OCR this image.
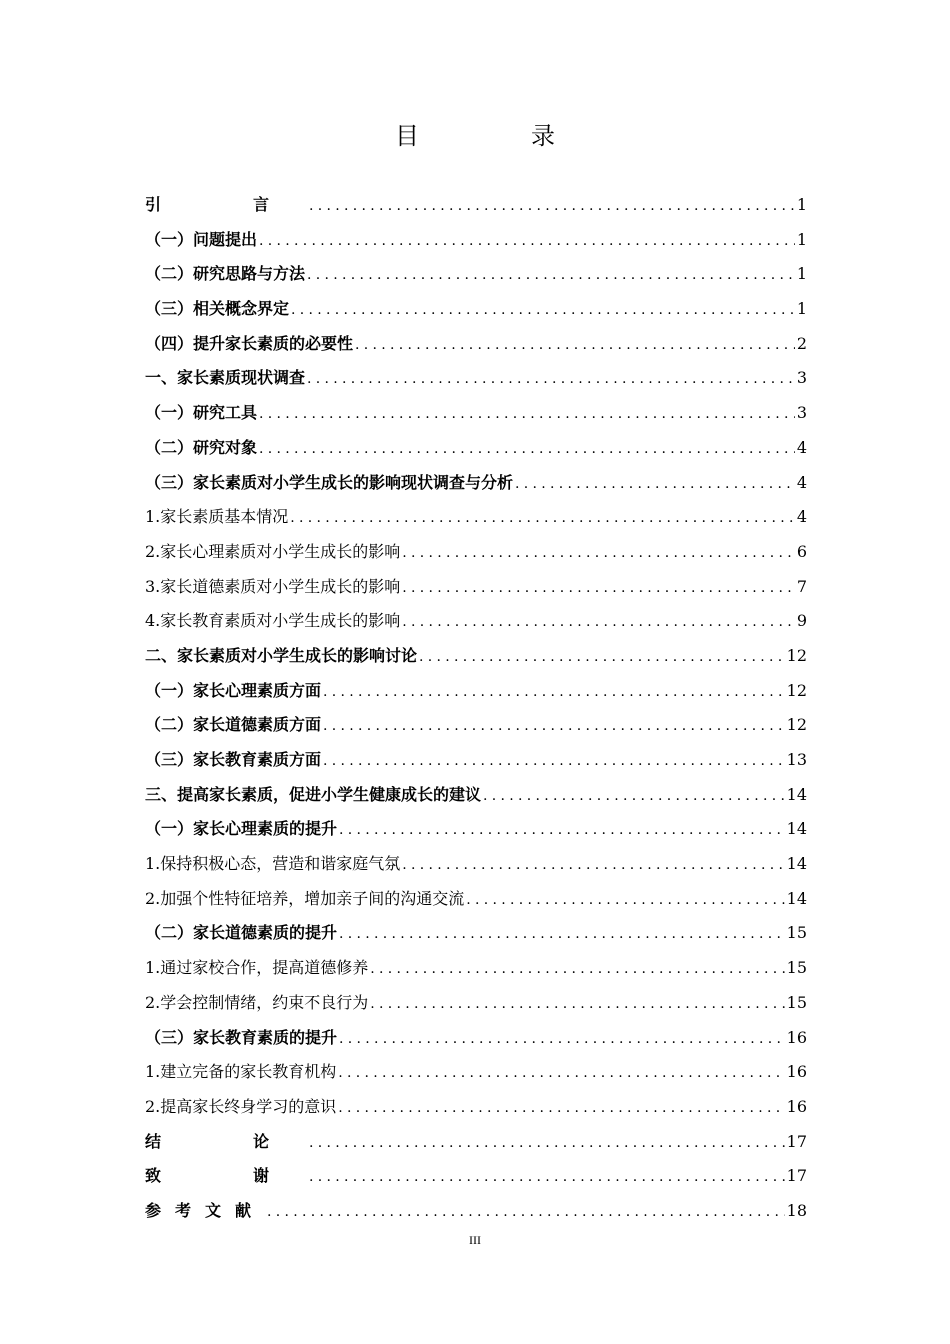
目　录
引　言 .....	1
（一）问题提出 .....	1
（二）研究思路与方法 .....	1
（三）相关概念界定 .....	1
（四）提升家长素质的必要性 .....	2
一、家长素质现状调查 .....	3
（一）研究工具 .....	3
（二）研究对象 .....	4
（三）家长素质对小学生成长的影响现状调查与分析 .....	4
1.家长素质基本情况 .....	4
2.家长心理素质对小学生成长的影响 .....	6
3.家长道德素质对小学生成长的影响 .....	7
4.家长教育素质对小学生成长的影响 .....	9
二、家长素质对小学生成长的影响讨论 .....	12
（一）家长心理素质方面 .....	12
（二）家长道德素质方面 .....	12
（三）家长教育素质方面 .....	13
三、提高家长素质，促进小学生健康成长的建议 .....	14
（一）家长心理素质的提升 .....	14
1.保持积极心态，营造和谐家庭气氛 .....	14
2.加强个性特征培养，增加亲子间的沟通交流 .....	14
（二）家长道德素质的提升 .....	15
1.通过家校合作，提高道德修养 .....	15
2.学会控制情绪，约束不良行为 .....	15
（三）家长教育素质的提升 .....	16
1.建立完备的家长教育机构 .....	16
2.提高家长终身学习的意识 .....	16
结　论 .....	17
致　谢 .....	17
参考文献 .....	18
III
